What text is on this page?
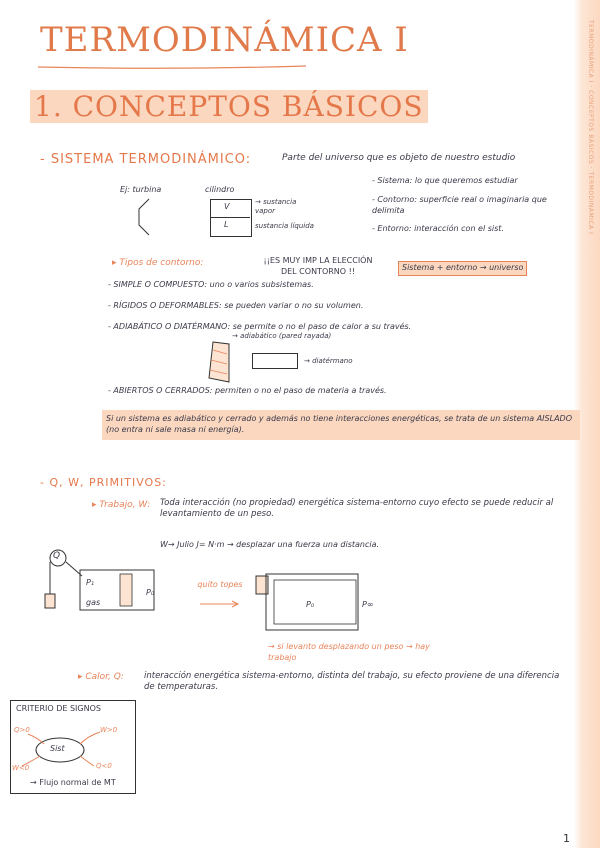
TERMODINÁMICA I · CONCEPTOS BÁSICOS · TERMODINÁMICA I
TERMODINÁMICA I
1. CONCEPTOS BÁSICOS
- SISTEMA TERMODINÁMICO:	Parte del universo que es objeto de nuestro estudio
Ej: turbina	cilindro
V
L
→ sustancia vapor
sustancia líquida
- Sistema: lo que queremos estudiar
- Contorno: superficie real o imaginaria que delimita
- Entorno: interacción con el sist.
▸ Tipos de contorno:	¡¡ES MUY IMP LA ELECCIÓN DEL CONTORNO !!	Sistema + entorno → universo
- SIMPLE O COMPUESTO: uno o varios subsistemas.
- RÍGIDOS O DEFORMABLES: se pueden variar o no su volumen.
- ADIABÁTICO O DIATÉRMANO: se permite o no el paso de calor a su través.
→ adiabático (pared rayada)
→ diatérmano
- ABIERTOS O CERRADOS: permiten o no el paso de materia a través.
Si un sistema es adiabático y cerrado y además no tiene interacciones energéticas, se trata de un sistema AISLADO (no entra ni sale masa ni energía).
- Q, W, PRIMITIVOS:
▸ Trabajo, W: Toda interacción (no propiedad) energética sistema-entorno cuyo efecto se puede reducir al levantamiento de un peso.
W→ Julio J= N·m → desplazar una fuerza una distancia.
Q
P₁
gas
P₀
quito topes
P₀	P∞
→ si levanto desplazando un peso → hay trabajo
▸ Calor, Q: interacción energética sistema-entorno, distinta del trabajo, su efecto proviene de una diferencia de temperaturas.
CRITERIO DE SIGNOS
Sist
Q>0	W>0
Q<0
W<0
→ Flujo normal de MT
1
